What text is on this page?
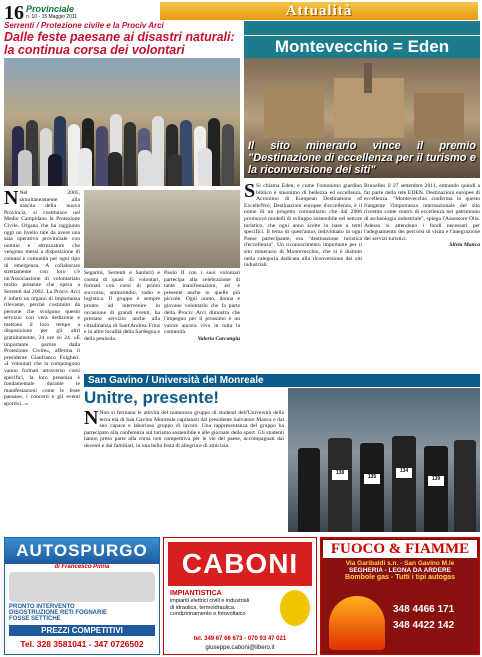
16 Provinciale
n. 10 - 15 Maggio 2011	Attualità
Serrenti / Protezione civile e la Prociv Arci
Dalle feste paesane ai disastri naturali: la continua corsa dei volontari
N Nel 2005, simultaneamente alla nascita della nuova Provincia, si costituisce nel Medio Campidano la Protezione Civile. Organo che ha raggiunto oggi un livello tale da avere una sala operativa provinciale con uomini e attrezzature che vengono messi a disposizione di comuni e comunità per ogni tipo di emergenza. A collaborare strettamente con loro c'è un'Associazione di volontariato molto presente che opera a Serrenti dal 2002. La Prociv Arci è infatti un organo di importanza rilevante, perché costituito da persone che svolgono questo servizio con vera dedizione e mettono il loro tempo a disposizione per gli altri gratuitamente, 24 ore su 24. «È importante partire dalla Protezione Civile», afferma il presidente Gianfranco Fulgheri. «I volontari che la compongono vanno formati attraverso corsi specifici, la loro presenza è fondamentale durante le manifestazioni come le feste paesane, i concerti e gli eventi sportivi...»
Segarini, Serrenti e Sanluri) e consta di quasi 45 volontari, formati con corsi di primo soccorso, antincendio, radio e logistica. Il gruppo è sempre pronto ad intervenire in occasione di grandi eventi, ha prestato servizio anche alla cittadinanza di Sant'Andrea Frius e in altre località della Sardegna e della penisola.
Paolo II con i suoi volontari partecipa alla celebrazione di tante manifestazioni, ed è presente anche in quelle più piccole. Ogni uomo, donna e giovane volontario che fa parte della Prociv Arci dimostra che l'impegno per il prossimo è un valore ancora vivo in tutta la comunità.
Valeria Carcangiu
Montevecchio = Eden
Il sito minerario vince il premio "Destinazione di eccellenza per il turismo e la riconversione dei siti"
S Si chiama Eden, e come l'omonimo giardino biblico è sinonimo di bellezza ed eccellenza. Acronimo di European Destinations of ExcelleNce, Destinazioni europee d'eccellenza, è il nome di un progetto comunitario che dal 2006 promuove modelli di sviluppo sostenibile nel settore turistico, che ogni anno scelte in base a temi specifici. Il tema di quest'anno, individuato in ogni Paese partecipante, era "destinazione turistica d'eccellenza". Un riconoscimento importante per il sito minerario di Montevecchio, che si è distinto nella categoria dedicata alla riconversione dei siti industriali.
Bruxelles il 27 settembre 2011, entrando quindi a far parte della rete EDEN. Destinazioni europee di eccellenza. "Montevecchio conferma in questo frangente l'importanza internazionale del sito rivestito come centro di eccellenza nel patrimonio di archeologia industriale", spiega l'Assessore Olla. Adesso si attendono i fondi necessari per l'adeguamento dei percorsi di visita e l'integrazione dei servizi turistici.
Silvia Manca
San Gavino / Università del Monreale
Unitre, presente!
N Non si fermano le attività del numeroso gruppo di studenti dell'Università della terza età di San Gavino Monreale capitanati dal presidente Salvatore Manca e dal suo capace e laborioso gruppo di lavoro. Una rappresentanza del gruppo ha partecipato alla conferenza sul turismo sostenibile e alle giornate dello sport. Gli studenti hanno preso parte alla corsa non competitiva per le vie del paese, accompagnati dai docenti e dai familiari, in una bella festa di allegria e di amicizia.
138
135
134
139
AUTOSPURGO
di Francesco Pinna
PRONTO INTERVENTO
DISOSTRUZIONE RETI FOGNARIE
FOSSE SETTICHE
PREZZI COMPETITIVI
Tel. 328 3581041 - 347 0726502
CABONI
IMPIANTISTICA
impianti elettrici civili e industriali
di idraulica, termoidraulica, condizionamento e fotovoltaico
tel. 349 67 66 673 - 070 93 47 021
giuseppe.caboni@libero.it
FUOCO & FIAMME
Via Garibaldi s.n. - San Gavino M.le
SEGHERIA - LEGNA DA ARDERE
Bombole gas - Tutti i tipi autogas
348 4466 171
348 4422 142
